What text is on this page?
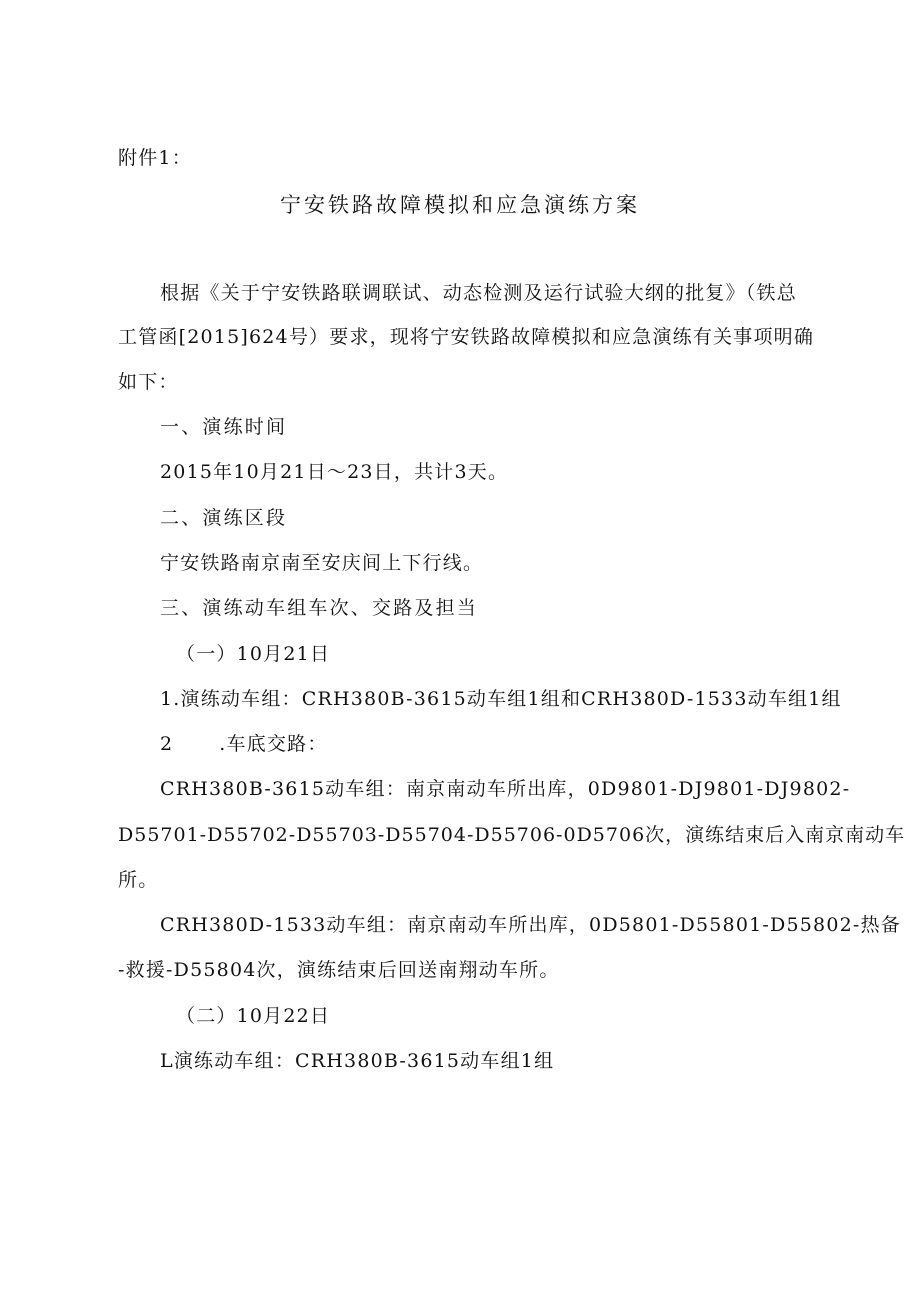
附件1：
宁安铁路故障模拟和应急演练方案
根据《关于宁安铁路联调联试、动态检测及运行试验大纲的批复》（铁总
工管函[2015]624号）要求，现将宁安铁路故障模拟和应急演练有关事项明确
如下：
一、演练时间
2015年10月21日～23日，共计3天。
二、演练区段
宁安铁路南京南至安庆间上下行线。
三、演练动车组车次、交路及担当
（一）10月21日
1.演练动车组：CRH380B-3615动车组1组和CRH380D-1533动车组1组
2 .车底交路：
CRH380B-3615动车组：南京南动车所出库，0D9801-DJ9801-DJ9802-
D55701-D55702-D55703-D55704-D55706-0D5706次，演练结束后入南京南动车
所。
CRH380D-1533动车组：南京南动车所出库，0D5801-D55801-D55802-热备
-救援-D55804次，演练结束后回送南翔动车所。
（二）10月22日
L演练动车组：CRH380B-3615动车组1组
